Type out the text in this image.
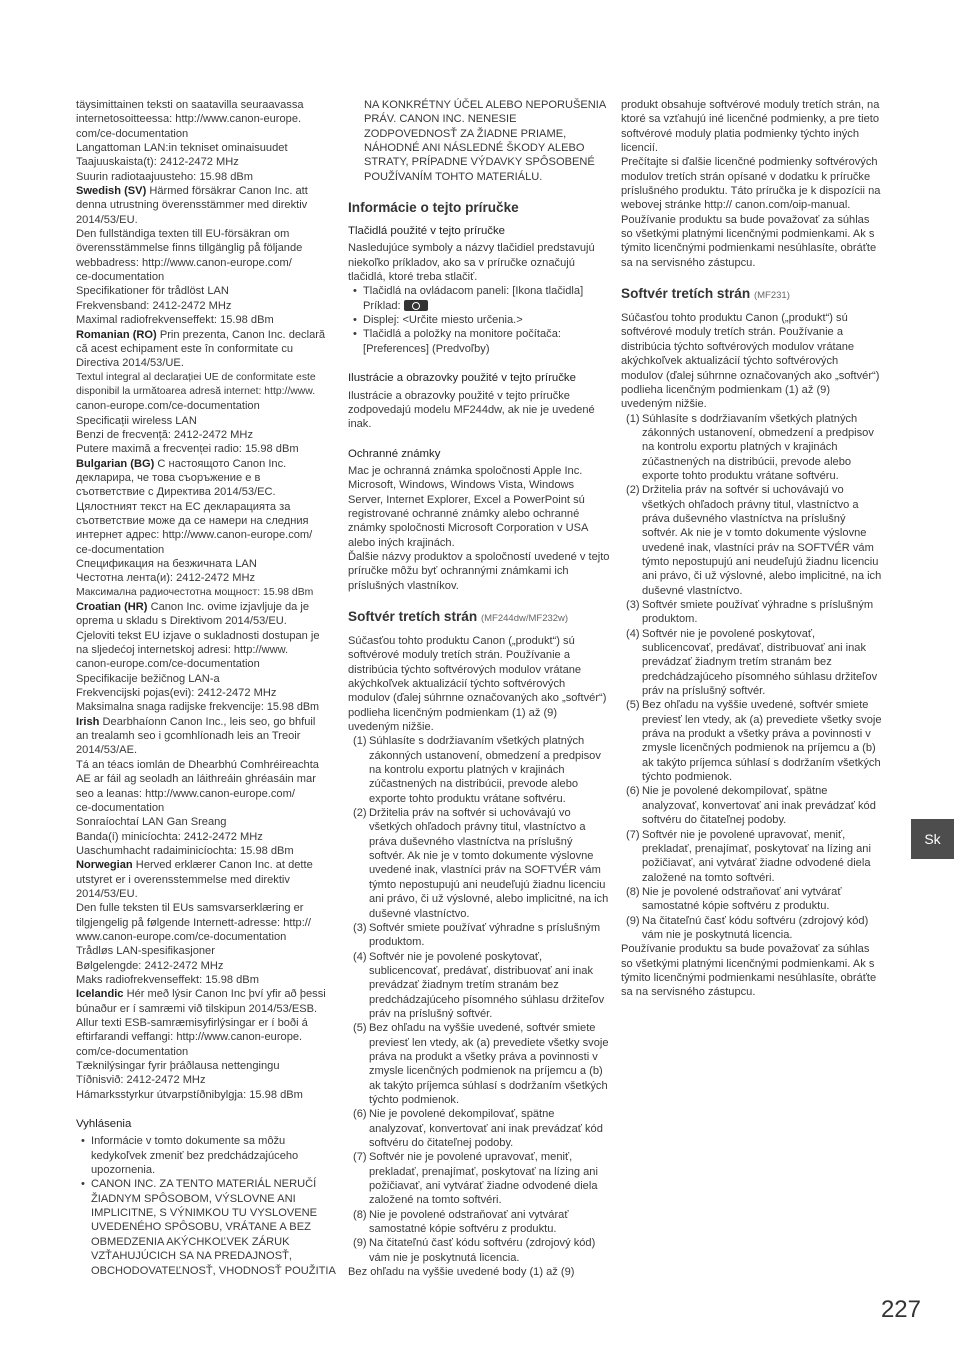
täysimittainen teksti on saatavilla seuraavassa

internetosoitteessa: http://www.canon-europe.

com/ce-documentation

Langattoman LAN:in tekniset ominaisuudet

Taajuuskaista(t): 2412-2472 MHz

Suurin radiotaajuusteho: 15.98 dBm

Swedish (SV) Härmed försäkrar Canon Inc. att

denna utrustning överensstämmer med direktiv

2014/53/EU.

Den fullständiga texten till EU-försäkran om

överensstämmelse finns tillgänglig på följande

webbadress: http://www.canon-europe.com/

ce-documentation

Specifikationer för trådlöst LAN

Frekvensband: 2412-2472 MHz

Maximal radiofrekvenseffekt: 15.98 dBm

Romanian (RO) Prin prezenta, Canon Inc. declară

că acest echipament este în conformitate cu

Directiva 2014/53/UE.

Textul integral al declarației UE de conformitate este

disponibil la următoarea adresă internet: http://www.

canon-europe.com/ce-documentation

Specificații wireless LAN

Benzi de frecvență: 2412-2472 MHz

Putere maximă a frecvenței radio: 15.98 dBm

Bulgarian (BG) С настоящото Canon Inc.

декларира, че това съоръжение е в

съответствие с Директива 2014/53/EC.

Цялостният текст на ЕС декларацията за

съответствие може да се намери на следния

интернет адрес: http://www.canon-europe.com/

ce-documentation

Спецификация на безжичната LAN

Честотна лента(и): 2412-2472 MHz

Максимална радиочестотна мощност: 15.98 dBm

Croatian (HR) Canon Inc. ovime izjavljuje da je

oprema u skladu s Direktivom 2014/53/EU.

Cjeloviti tekst EU izjave o sukladnosti dostupan je

na sljedećoj internetskoj adresi: http://www.

canon-europe.com/ce-documentation

Specifikacije bežičnog LAN-a

Frekvencijski pojas(evi): 2412-2472 MHz

Maksimalna snaga radijske frekvencije: 15.98 dBm

Irish Dearbhaíonn Canon Inc., leis seo, go bhfuil

an trealamh seo i gcomhlíonadh leis an Treoir

2014/53/AE.

Tá an téacs iomlán de Dhearbhú Comhréireachta

AE ar fáil ag seoladh an láithreáin ghréasáin mar

seo a leanas: http://www.canon-europe.com/

ce-documentation

Sonraíochtaí LAN Gan Sreang

Banda(í) minicíochta: 2412-2472 MHz

Uaschumhacht radaiminicíochta: 15.98 dBm

Norwegian Herved erklærer Canon Inc. at dette

utstyret er i overensstemmelse med direktiv

2014/53/EU.

Den fulle teksten til EUs samsvarserklæring er

tilgjengelig på følgende Internett-adresse: http://

www.canon-europe.com/ce-documentation

Trådløs LAN-spesifikasjoner

Bølgelengde: 2412-2472 MHz

Maks radiofrekvenseffekt: 15.98 dBm

Icelandic Hér með lýsir Canon Inc því yfir að þessi

búnaður er í samræmi við tilskipun 2014/53/ESB.

Allur texti ESB-samræmisyfirlýsingar er í boði á

eftirfarandi veffangi: http://www.canon-europe.

com/ce-documentation

Tæknilýsingar fyrir þráðlausa nettengingu

Tíðnisvið: 2412-2472 MHz

Hámarksstyrkur útvarpstíðnibylgja: 15.98 dBm

Vyhlásenia
• Informácie v tomto dokumente sa môžu kedykoľvek zmeniť bez predchádzajúceho upozornenia.
• CANON INC. ZA TENTO MATERIÁL NERUČÍ ŽIADNYM SPÔSOBOM, VÝSLOVNE ANI IMPLICITNE, S VÝNIMKOU TU VYSLOVENE UVEDENÉHO SPÔSOBU, VRÁTANE A BEZ OBMEDZENIA AKÝCHKOĽVEK ZÁRUK VZŤAHUJÚCICH SA NA PREDAJNOSŤ, OBCHODOVATEĽNOSŤ, VHODNOSŤ POUŽITIA

NA KONKRÉTNY ÚČEL ALEBO NEPORUŠENIA PRÁV. CANON INC. NENESIE ZODPOVEDNOSŤ ZA ŽIADNE PRIAME, NÁHODNÉ ANI NÁSLEDNÉ ŠKODY ALEBO STRATY, PRÍPADNE VÝDAVKY SPÔSOBENÉ POUŽÍVANÍM TOHTO MATERIÁLU.

Informácie o tejto príručke
Tlačidlá použité v tejto príručke

Nasledujúce symboly a názvy tlačidiel predstavujú niekoľko príkladov, ako sa v príručke označujú tlačidlá, ktoré treba stlačiť.

• Tlačidlá na ovládacom paneli: [Ikona tlačidla]
Príklad:
• Displej: <Určite miesto určenia.>
• Tlačidlá a položky na monitore počítača: [Preferences] (Predvoľby)
Ilustrácie a obrazovky použité v tejto príručke

Ilustrácie a obrazovky použité v tejto príručke zodpovedajú modelu MF244dw, ak nie je uvedené inak.

Ochranné známky

Mac je ochranná známka spoločnosti Apple Inc. Microsoft, Windows, Windows Vista, Windows Server, Internet Explorer, Excel a PowerPoint sú registrované ochranné známky alebo ochranné známky spoločnosti Microsoft Corporation v USA alebo iných krajinách.

Ďalšie názvy produktov a spoločností uvedené v tejto príručke môžu byť ochrannými známkami ich príslušných vlastníkov.

Softvér tretích strán (MF244dw/MF232w)

Súčasťou tohto produktu Canon („produkt“) sú softvérové moduly tretích strán. Používanie a distribúcia týchto softvérových modulov vrátane akýchkoľvek aktualizácií týchto softvérových modulov (ďalej súhrnne označovaných ako „softvér“) podlieha licenčným podmienkam (1) až (9) uvedeným nižšie.

(1) Súhlasíte s dodržiavaním všetkých platných zákonných ustanovení, obmedzení a predpisov na kontrolu exportu platných v krajinách zúčastnených na distribúcii, prevode alebo exporte tohto produktu vrátane softvéru.
(2) Držitelia práv na softvér si uchovávajú vo všetkých ohľadoch právny titul, vlastníctvo a práva duševného vlastníctva na príslušný softvér. Ak nie je v tomto dokumente výslovne uvedené inak, vlastníci práv na SOFTVÉR vám týmto nepostupujú ani neudeľujú žiadnu licenciu ani právo, či už výslovné, alebo implicitné, na ich duševné vlastníctvo.
(3) Softvér smiete používať výhradne s príslušným produktom.
(4) Softvér nie je povolené poskytovať, sublicencovať, predávať, distribuovať ani inak prevádzať žiadnym tretím stranám bez predchádzajúceho písomného súhlasu držiteľov práv na príslušný softvér.
(5) Bez ohľadu na vyššie uvedené, softvér smiete previesť len vtedy, ak (a) prevediete všetky svoje práva na produkt a všetky práva a povinnosti v zmysle licenčných podmienok na príjemcu a (b) ak takýto príjemca súhlasí s dodržaním všetkých týchto podmienok.
(6) Nie je povolené dekompilovať, spätne analyzovať, konvertovať ani inak prevádzať kód softvéru do čitateľnej podoby.
(7) Softvér nie je povolené upravovať, meniť, prekladať, prenajímať, poskytovať na lízing ani požičiavať, ani vytvárať žiadne odvodené diela založené na tomto softvéri.
(8) Nie je povolené odstraňovať ani vytvárať samostatné kópie softvéru z produktu.
(9) Na čitateľnú časť kódu softvéru (zdrojový kód) vám nie je poskytnutá licencia.

Bez ohľadu na vyššie uvedené body (1) až (9)

produkt obsahuje softvérové moduly tretích strán, na ktoré sa vzťahujú iné licenčné podmienky, a pre tieto softvérové moduly platia podmienky týchto iných licencií.

Prečítajte si ďalšie licenčné podmienky softvérových modulov tretích strán opísané v dodatku k príručke príslušného produktu. Táto príručka je k dispozícii na webovej stránke http:// canon.com/oip-manual.

Používanie produktu sa bude považovať za súhlas so všetkými platnými licenčnými podmienkami. Ak s týmito licenčnými podmienkami nesúhlasíte, obráťte sa na servisného zástupcu.

Softvér tretích strán (MF231)

Súčasťou tohto produktu Canon („produkt“) sú softvérové moduly tretích strán. Používanie a distribúcia týchto softvérových modulov vrátane akýchkoľvek aktualizácií týchto softvérových modulov (ďalej súhrnne označovaných ako „softvér“) podlieha licenčným podmienkam (1) až (9) uvedeným nižšie.

(1) Súhlasíte s dodržiavaním všetkých platných zákonných ustanovení, obmedzení a predpisov na kontrolu exportu platných v krajinách zúčastnených na distribúcii, prevode alebo exporte tohto produktu vrátane softvéru.
(2) Držitelia práv na softvér si uchovávajú vo všetkých ohľadoch právny titul, vlastníctvo a práva duševného vlastníctva na príslušný softvér. Ak nie je v tomto dokumente výslovne uvedené inak, vlastníci práv na SOFTVÉR vám týmto nepostupujú ani neudeľujú žiadnu licenciu ani právo, či už výslovné, alebo implicitné, na ich duševné vlastníctvo.
(3) Softvér smiete používať výhradne s príslušným produktom.
(4) Softvér nie je povolené poskytovať, sublicencovať, predávať, distribuovať ani inak prevádzať žiadnym tretím stranám bez predchádzajúceho písomného súhlasu držiteľov práv na príslušný softvér.
(5) Bez ohľadu na vyššie uvedené, softvér smiete previesť len vtedy, ak (a) prevediete všetky svoje práva na produkt a všetky práva a povinnosti v zmysle licenčných podmienok na príjemcu a (b) ak takýto príjemca súhlasí s dodržaním všetkých týchto podmienok.
(6) Nie je povolené dekompilovať, spätne analyzovať, konvertovať ani inak prevádzať kód softvéru do čitateľnej podoby.
(7) Softvér nie je povolené upravovať, meniť, prekladať, prenajímať, poskytovať na lízing ani požičiavať, ani vytvárať žiadne odvodené diela založené na tomto softvéri.
(8) Nie je povolené odstraňovať ani vytvárať samostatné kópie softvéru z produktu.
(9) Na čitateľnú časť kódu softvéru (zdrojový kód) vám nie je poskytnutá licencia.

Používanie produktu sa bude považovať za súhlas so všetkými platnými licenčnými podmienkami. Ak s týmito licenčnými podmienkami nesúhlasíte, obráťte sa na servisného zástupcu.

Sk
227
